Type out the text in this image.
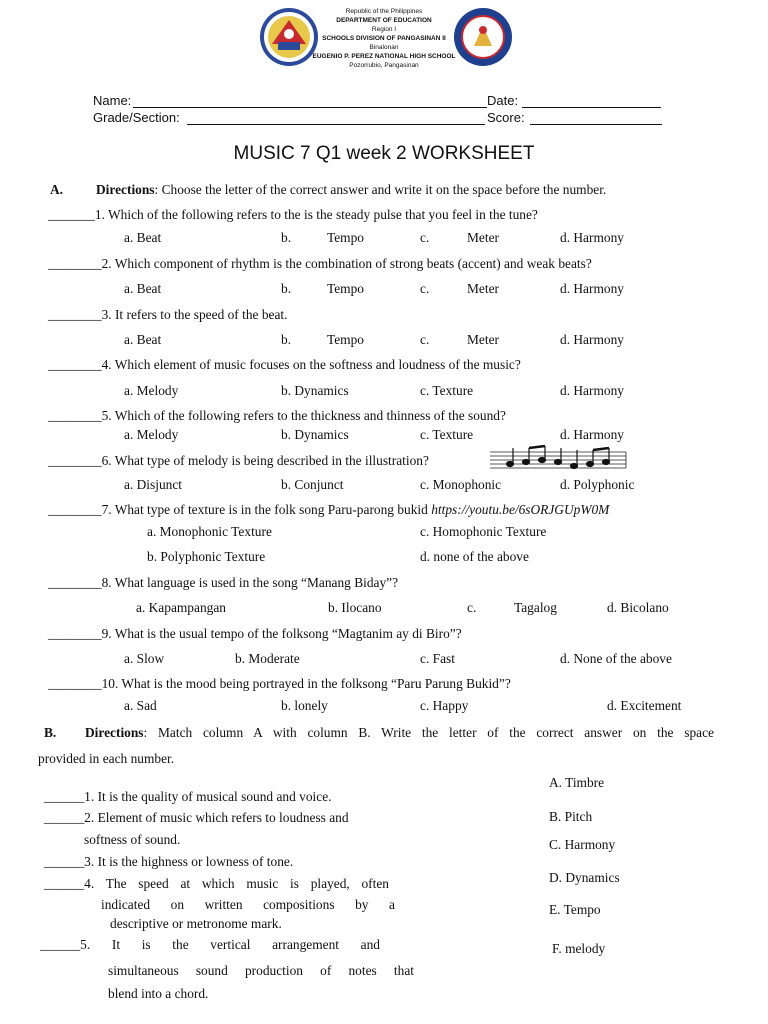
Republic of the Philippines
DEPARTMENT OF EDUCATION
Region I
SCHOOLS DIVISION OF PANGASINAN II
Binalonan
EUGENIO P. PEREZ NATIONAL HIGH SCHOOL
Pozorrubio, Pangasinan
Name:	Date:
Grade/Section:	Score:
MUSIC 7 Q1 week 2 WORKSHEET
A. Directions: Choose the letter of the correct answer and write it on the space before the number.
_______1. Which of the following refers to the is the steady pulse that you feel in the tune?
a. Beat	b.	Tempo	c.	Meter	d. Harmony
________2. Which component of rhythm is the combination of strong beats (accent) and weak beats?
a. Beat	b.	Tempo	c.	Meter	d. Harmony
________3. It refers to the speed of the beat.
a. Beat	b.	Tempo	c.	Meter	d. Harmony
________4. Which element of music focuses on the softness and loudness of the music?
a. Melody	b. Dynamics	c. Texture	d. Harmony
________5. Which of the following refers to the thickness and thinness of the sound?
a. Melody	b. Dynamics	c. Texture	d. Harmony
________6. What type of melody is being described in the illustration?
a. Disjunct	b. Conjunct	c. Monophonic	d. Polyphonic
________7. What type of texture is in the folk song Paru-parong bukid https://youtu.be/6sORJGUpW0M
a. Monophonic Texture	c. Homophonic Texture
b. Polyphonic Texture	d. none of the above
________8. What language is used in the song “Manang Biday”?
a. Kapampangan	b. Ilocano	c.	Tagalog	d. Bicolano
________9. What is the usual tempo of the folksong “Magtanim ay di Biro”?
a. Slow	b. Moderate	c. Fast	d. None of the above
________10. What is the mood being portrayed in the folksong “Paru Parung Bukid”?
a. Sad	b. lonely	c. Happy	d. Excitement
B. Directions: Match column A with column B. Write the letter of the correct answer on the space
provided in each number.
______1. It is the quality of musical sound and voice.
______2. Element of music which refers to loudness and
softness of sound.
______3. It is the highness or lowness of tone.
______4. The speed at which music is played, often
indicated on written compositions by a
descriptive or metronome mark.
______5. It is the vertical arrangement and
simultaneous sound production of notes that
blend into a chord.
A. Timbre
B. Pitch
C. Harmony
D. Dynamics
E. Tempo
F. melody
